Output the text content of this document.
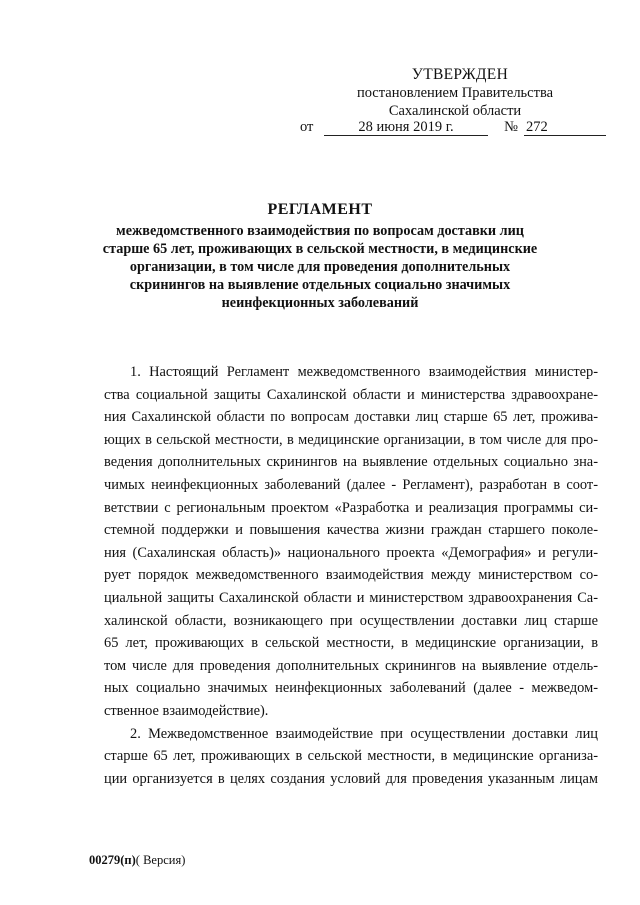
УТВЕРЖДЕН
постановлением Правительства
Сахалинской области
от	28 июня 2019 г.	№ 272
РЕГЛАМЕНТ
межведомственного взаимодействия по вопросам доставки лиц
старше 65 лет, проживающих в сельской местности, в медицинские
организации, в том числе для проведения дополнительных
скринингов на выявление отдельных социально значимых
неинфекционных заболеваний

1. Настоящий Регламент межведомственного взаимодействия министер-

ства социальной защиты Сахалинской области и министерства здравоохране-

ния Сахалинской области по вопросам доставки лиц старше 65 лет, прожива-

ющих в сельской местности, в медицинские организации, в том числе для про-

ведения дополнительных скринингов на выявление отдельных социально зна-

чимых неинфекционных заболеваний (далее - Регламент), разработан в соот-

ветствии с региональным проектом «Разработка и реализация программы си-

стемной поддержки и повышения качества жизни граждан старшего поколе-

ния (Сахалинская область)» национального проекта «Демография» и регули-

рует порядок межведомственного взаимодействия между министерством со-

циальной защиты Сахалинской области и министерством здравоохранения Са-

халинской области, возникающего при осуществлении доставки лиц старше

65 лет, проживающих в сельской местности, в медицинские организации, в

том числе для проведения дополнительных скринингов на выявление отдель-

ных социально значимых неинфекционных заболеваний (далее - межведом-

ственное взаимодействие).

2. Межведомственное взаимодействие при осуществлении доставки лиц

старше 65 лет, проживающих в сельской местности, в медицинские организа-

ции организуется в целях создания условий для проведения указанным лицам

00279(п)( Версия)
